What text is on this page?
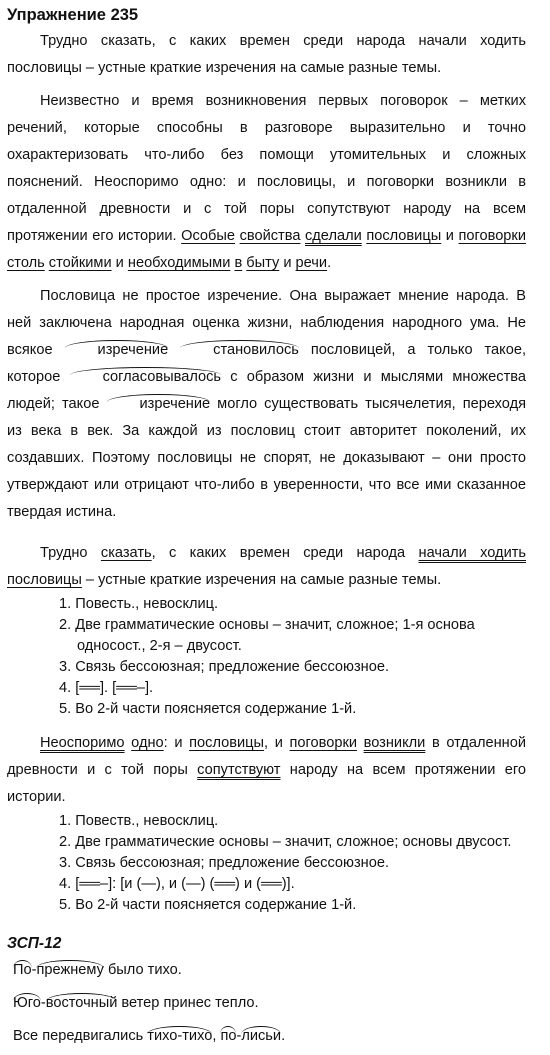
Упражнение 235

Трудно сказать, с каких времен среди народа начали ходить пословицы – устные краткие изречения на самые разные темы.

Неизвестно и время возникновения первых поговорок – метких речений, которые способны в разговоре выразительно и точно охарактеризовать что-либо без помощи утомительных и сложных пояснений. Неоспоримо одно: и пословицы, и поговорки возникли в отдаленной древности и с той поры сопутствуют народу на всем протяжении его истории. Особые свойства сделали пословицы и поговорки столь стойкими и необходимыми в быту и речи.

Пословица не простое изречение. Она выражает мнение народа. В ней заключена народная оценка жизни, наблюдения народного ума. Не всякое изречение	становилось пословицей, а только такое, которое согласовывалось с образом жизни и мыслями множества людей; такое изречение могло существовать тысячелетия, переходя из века в век. За каждой из пословиц стоит авторитет поколений, их создавших. Поэтому пословицы не спорят, не доказывают – они просто утверждают или отрицают что-либо в уверенности, что все ими сказанное твердая истина.

Трудно сказать, с каких времен среди народа начали ходить пословицы – устные краткие изречения на самые разные темы.

1. Повесть., невосклиц.
2. Две грамматические основы – значит, сложное; 1-я основа
односост., 2-я – двусост.
3. Связь бессоюзная; предложение бессоюзное.
4. [══]. [══–].
5. Во 2-й части поясняется содержание 1-й.

Неоспоримо одно: и пословицы, и поговорки возникли в отдаленной древности и с той поры сопутствуют народу на всем протяжении его истории.

1. Повеств., невосклиц.
2. Две грамматические основы – значит, сложное; основы двусост.
3. Связь бессоюзная; предложение бессоюзное.
4. [══–]: [и (—), и (—) (══) и (══)].
5. Во 2-й части поясняется содержание 1-й.

ЗСП-12

По-прежнему было тихо.

Юго-восточный ветер принес тепло.

Все передвигались тихо-тихо, по-лисьи.
